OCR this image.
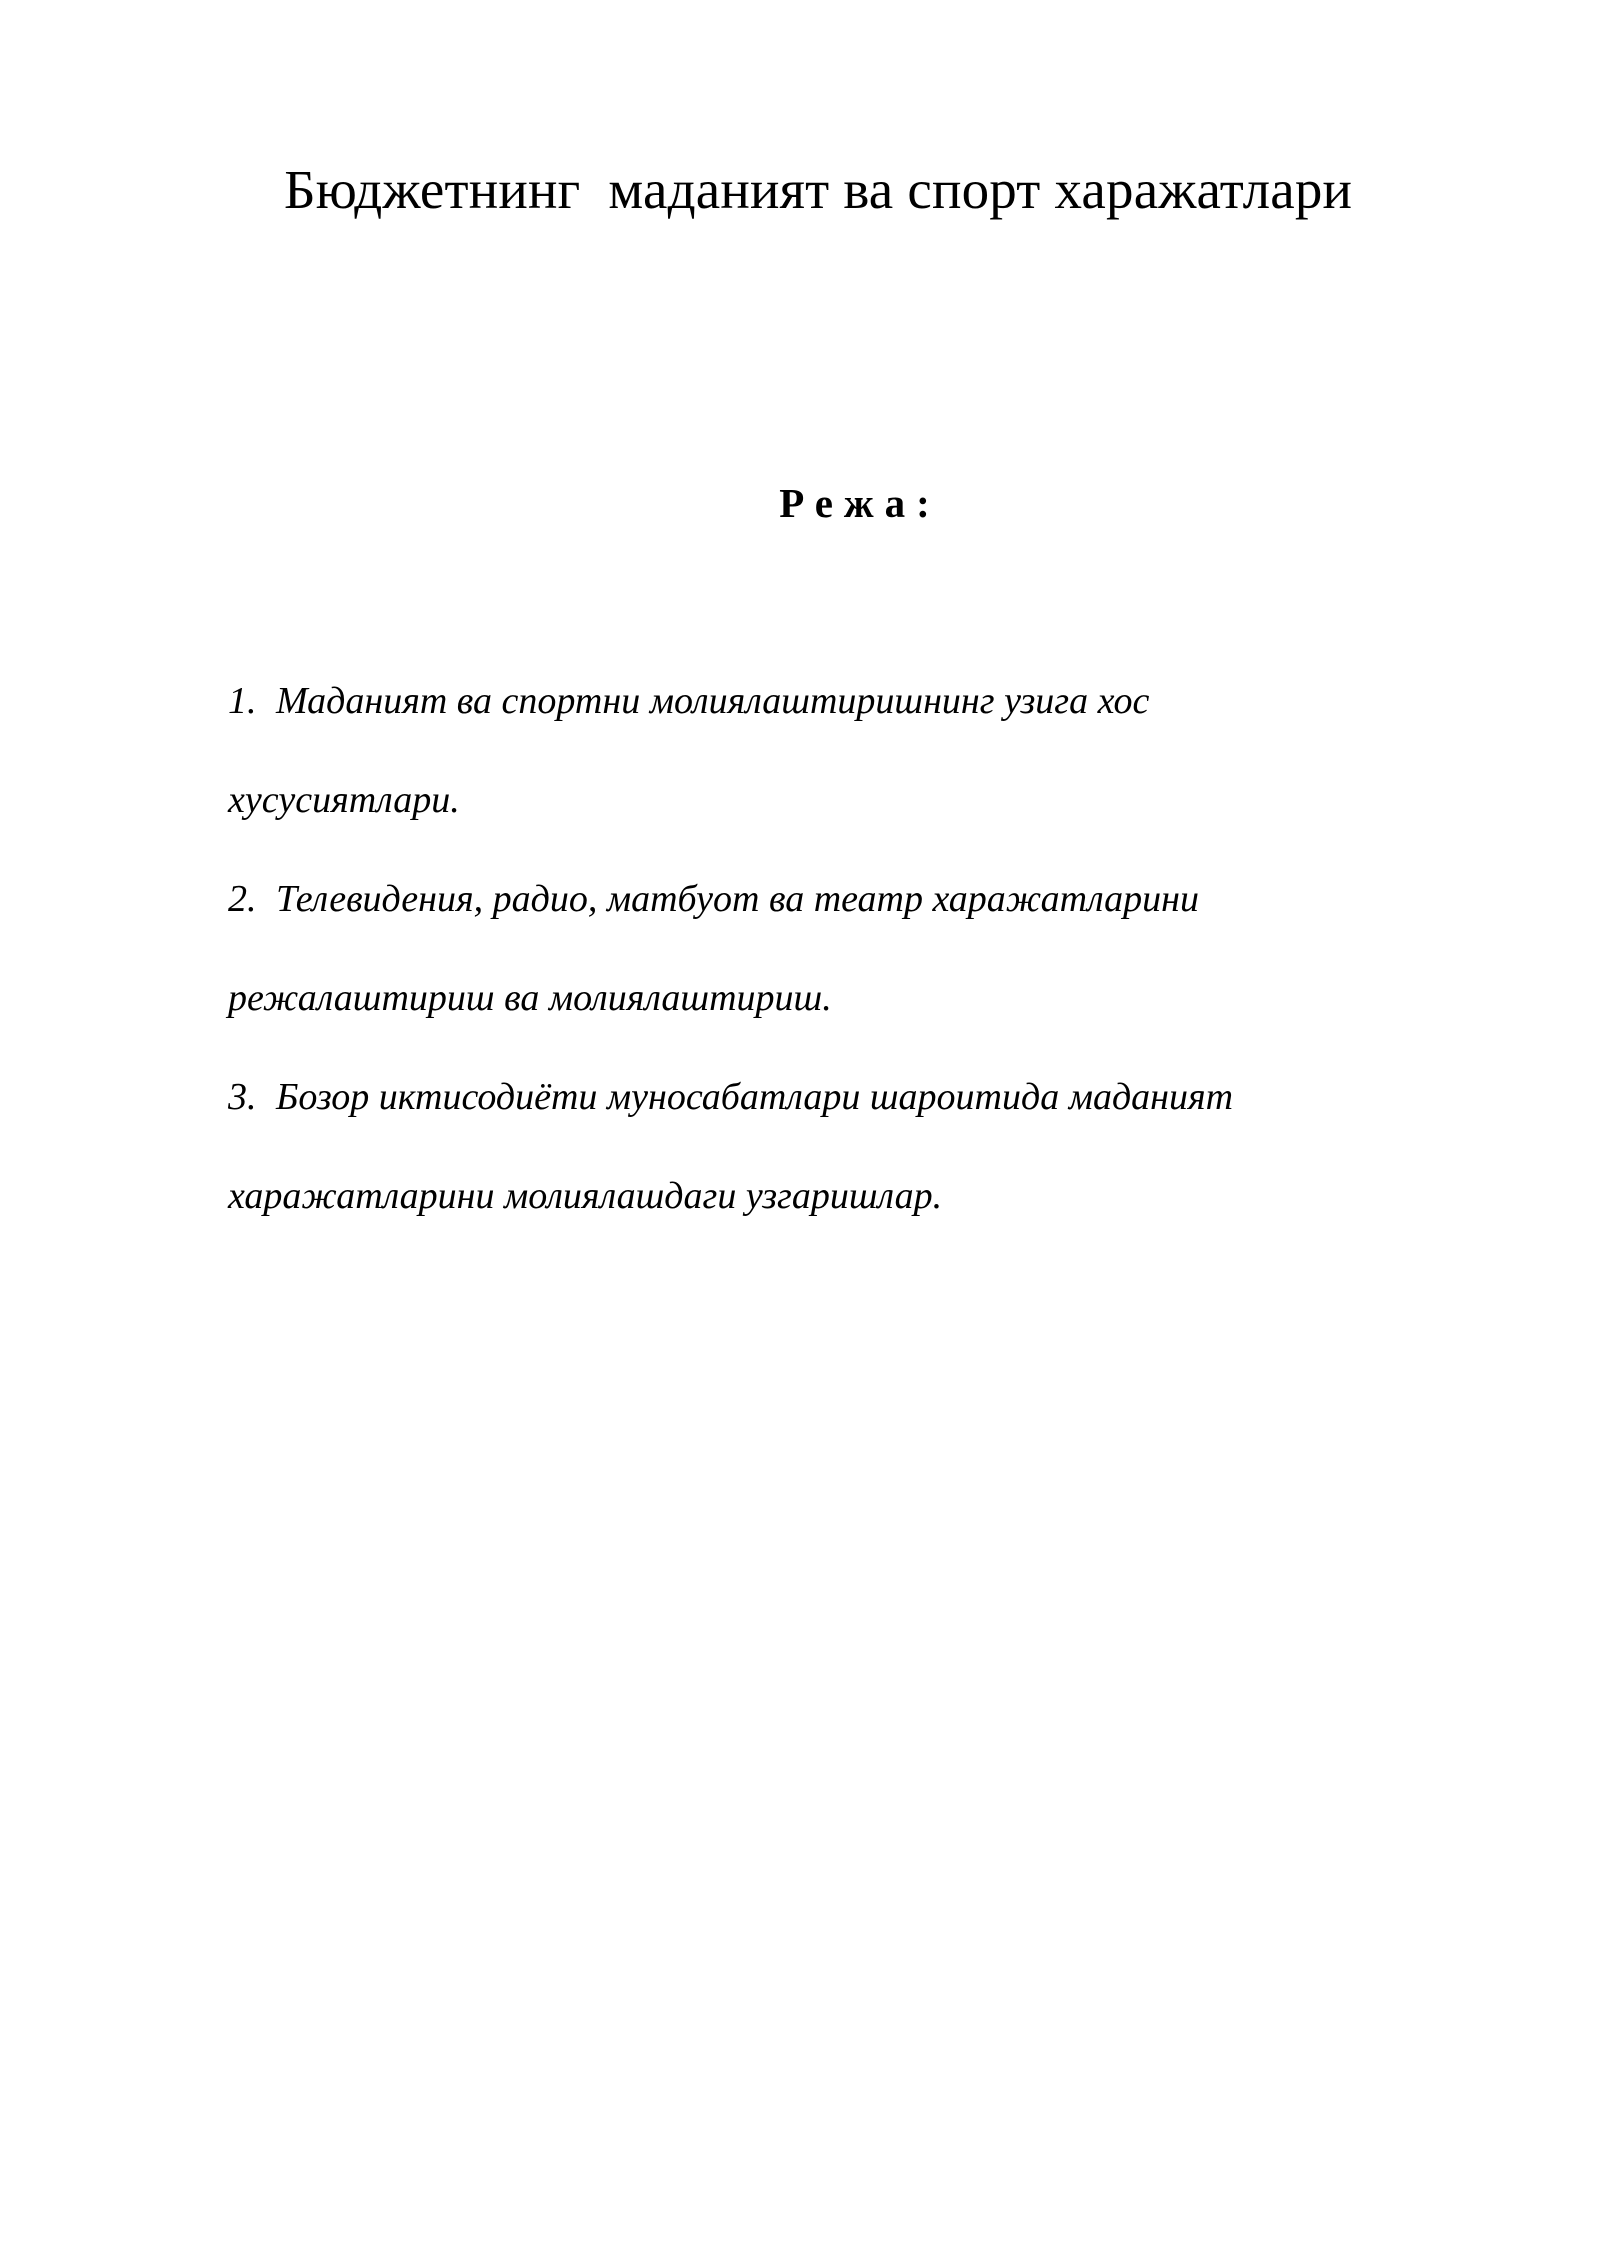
Бюджетнинг  маданият ва спорт харажатлари
Режа:
1. Маданият ва спортни молиялаштиришнинг узига хос
хусусиятлари.
2. Телевидения, радио, матбуот ва театр харажатларини
режалаштириш ва молиялаштириш.
3. Бозор иктисодиёти муносабатлари шароитида маданият
харажатларини молиялашдаги узгаришлар.
